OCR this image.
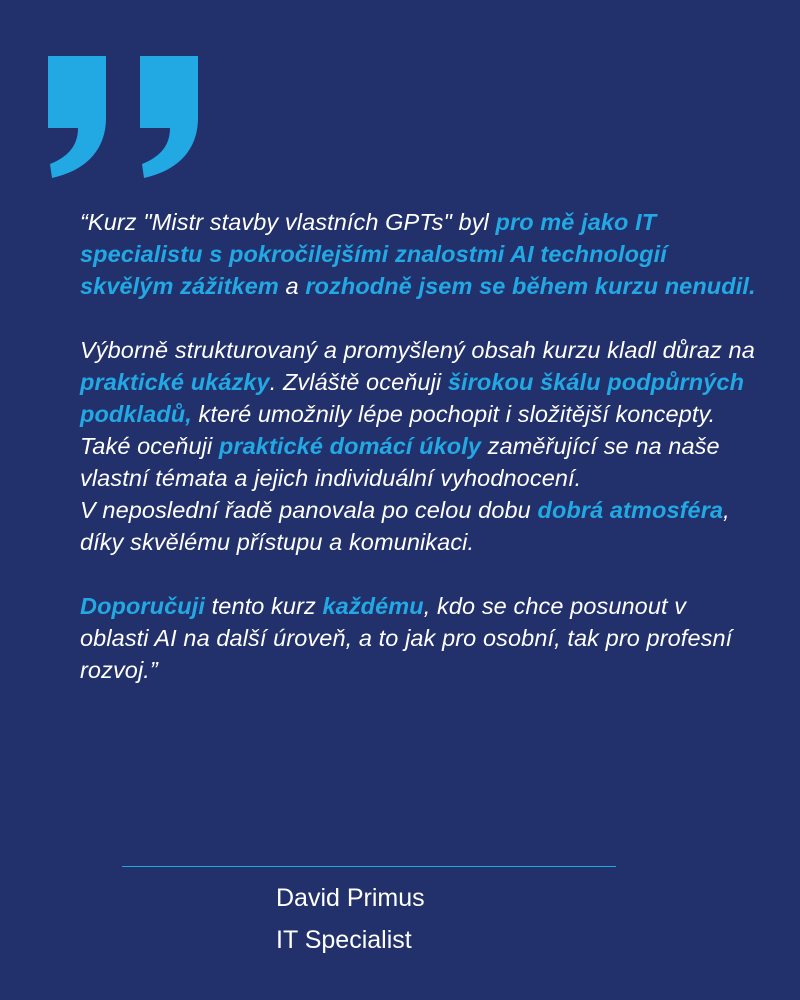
“Kurz "Mistr stavby vlastních GPTs" byl pro mě jako IT specialistu s pokročilejšími znalostmi AI technologií skvělým zážitkem a rozhodně jsem se během kurzu nenudil.

Výborně strukturovaný a promyšlený obsah kurzu kladl důraz na praktické ukázky. Zvláště oceňuji širokou škálu podpůrných podkladů, které umožnily lépe pochopit i složitější koncepty.
Také oceňuji praktické domácí úkoly zaměřující se na naše vlastní témata a jejich individuální vyhodnocení.
V neposlední řadě panovala po celou dobu dobrá atmosféra, díky skvělému přístupu a komunikaci.

Doporučuji tento kurz každému, kdo se chce posunout v oblasti AI na další úroveň, a to jak pro osobní, tak pro profesní rozvoj.”

David Primus
IT Specialist
